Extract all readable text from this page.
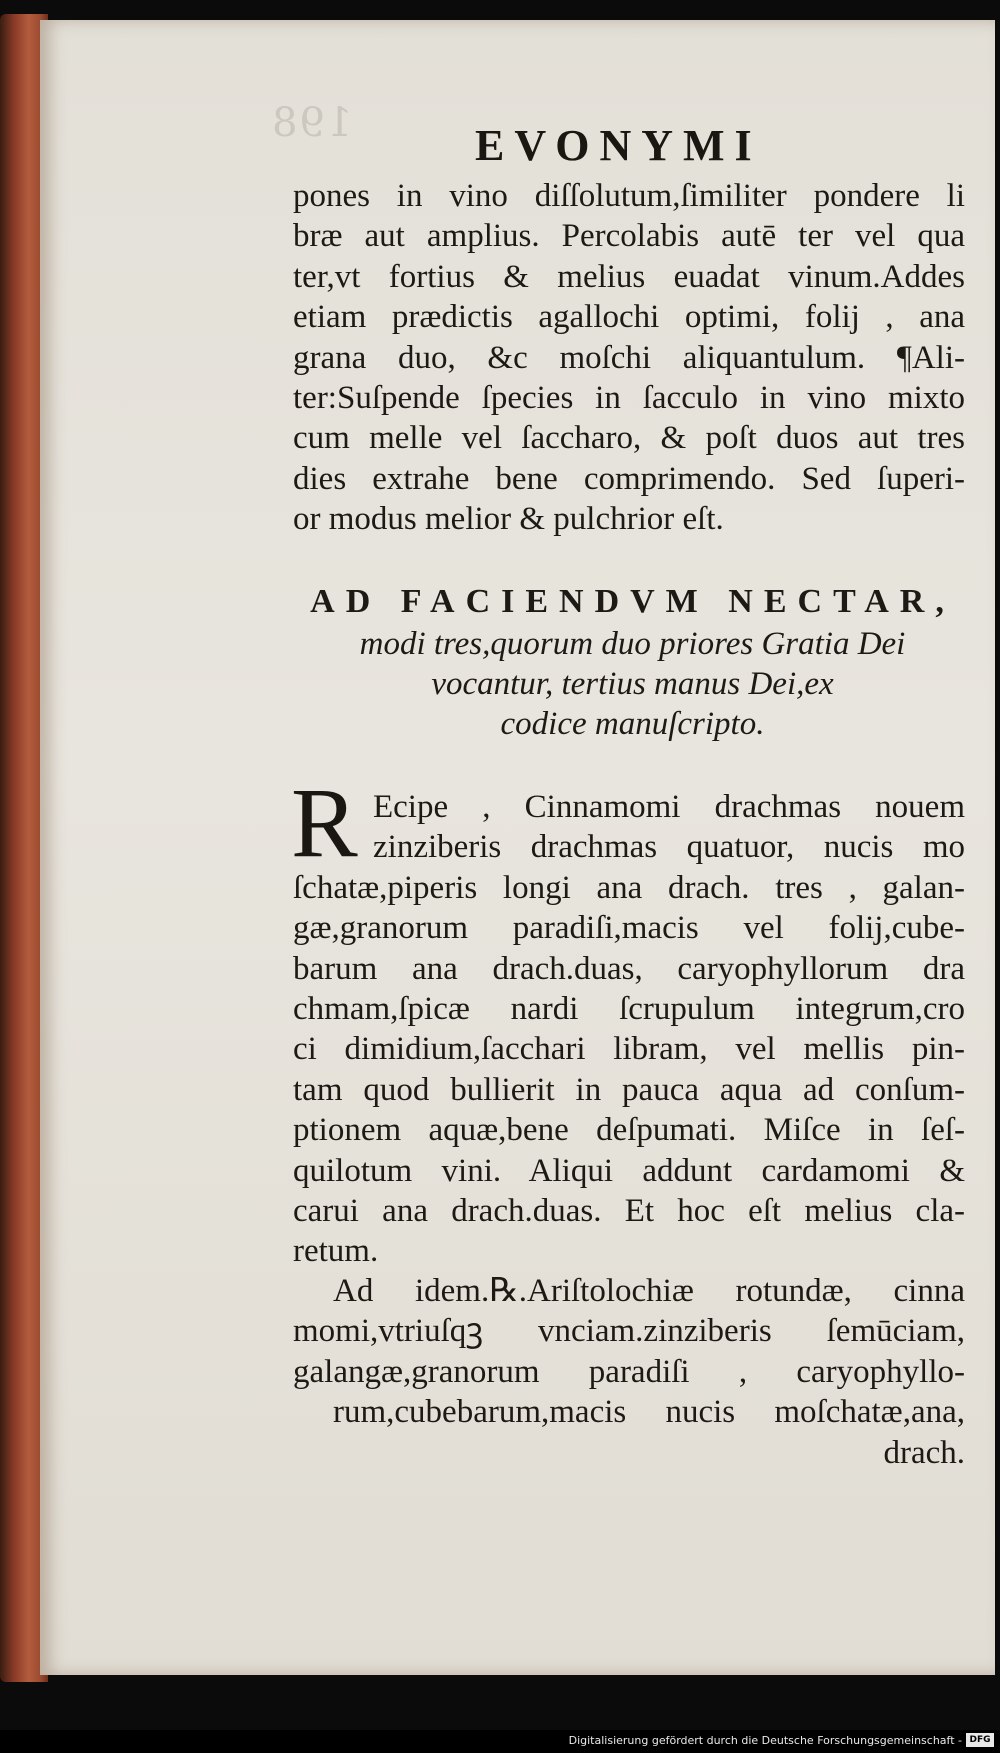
198	EVONYMI
pones in vino diſſolutum,ſimiliter pondere li
bræ aut amplius. Percolabis autē ter vel qua
ter,vt fortius & melius euadat vinum.Addes
etiam prædictis agallochi optimi, folij , ana
grana duo, &c moſchi aliquantulum. ¶Ali-
ter:Suſpende ſpecies in ſacculo in vino mixto
cum melle vel ſaccharo, & poſt duos aut tres
dies extrahe bene comprimendo. Sed ſuperi-
or modus melior & pulchrior eſt.
AD FACIENDVM NECTAR,
modi tres,quorum duo priores Gratia Dei
vocantur, tertius manus Dei,ex
codice manuſcripto.
R Ecipe , Cinnamomi drachmas nouem
zinziberis drachmas quatuor, nucis mo
ſchatæ,piperis longi ana drach. tres , galan-
gæ,granorum paradiſi,macis vel folij,cube-
barum ana drach.duas, caryophyllorum dra
chmam,ſpicæ nardi ſcrupulum integrum,cro
ci dimidium,ſacchari libram, vel mellis pin-
tam quod bullierit in pauca aqua ad conſum-
ptionem aquæ,bene deſpumati. Miſce in ſeſ-
quilotum vini. Aliqui addunt cardamomi &
carui ana drach.duas. Et hoc eſt melius cla-
retum.
Ad idem.℞.Ariſtolochiæ rotundæ, cinna
momi,vtriuſqꝫ vnciam.zinziberis ſemūciam,
galangæ,granorum paradiſi , caryophyllo-
rum,cubebarum,macis nucis moſchatæ,ana,
drach.
Digitalisierung gefördert durch die Deutsche Forschungsgemeinschaft - DFG
